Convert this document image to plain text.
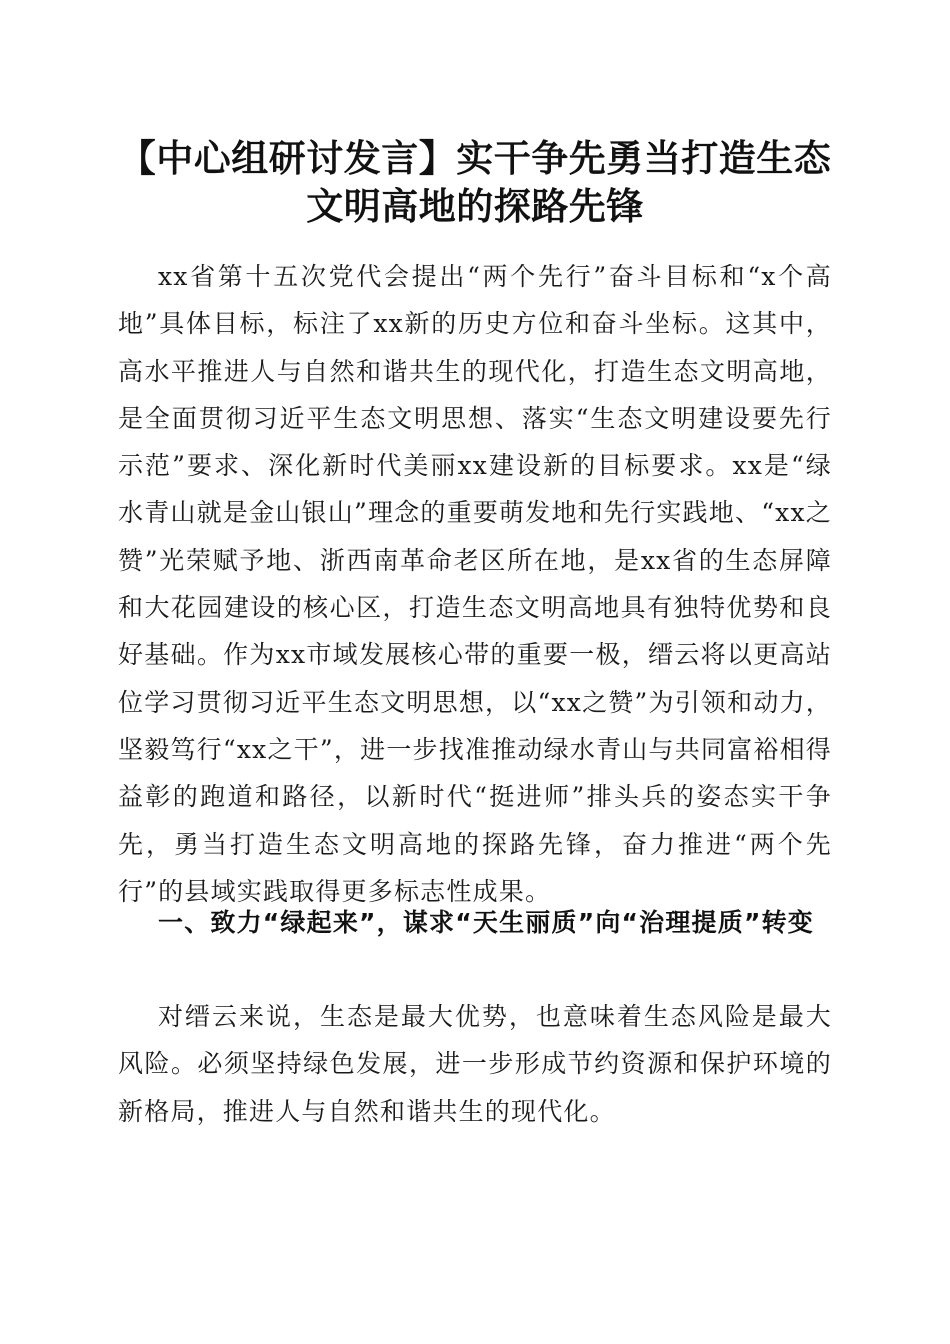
【中心组研讨发言】实干争先勇当打造生态文明高地的探路先锋

xx省第十五次党代会提出“两个先行”奋斗目标和“x个高地”具体目标，标注了xx新的历史方位和奋斗坐标。这其中，高水平推进人与自然和谐共生的现代化，打造生态文明高地，是全面贯彻习近平生态文明思想、落实“生态文明建设要先行示范”要求、深化新时代美丽xx建设新的目标要求。xx是“绿水青山就是金山银山”理念的重要萌发地和先行实践地、“xx之赞”光荣赋予地、浙西南革命老区所在地，是xx省的生态屏障和大花园建设的核心区，打造生态文明高地具有独特优势和良好基础。作为xx市域发展核心带的重要一极，缙云将以更高站位学习贯彻习近平生态文明思想，以“xx之赞”为引领和动力，坚毅笃行“xx之干”，进一步找准推动绿水青山与共同富裕相得益彰的跑道和路径，以新时代“挺进师”排头兵的姿态实干争先，勇当打造生态文明高地的探路先锋，奋力推进“两个先行”的县域实践取得更多标志性成果。

一、致力“绿起来”，谋求“天生丽质”向“治理提质”转变

对缙云来说，生态是最大优势，也意味着生态风险是最大风险。必须坚持绿色发展，进一步形成节约资源和保护环境的新格局，推进人与自然和谐共生的现代化。
